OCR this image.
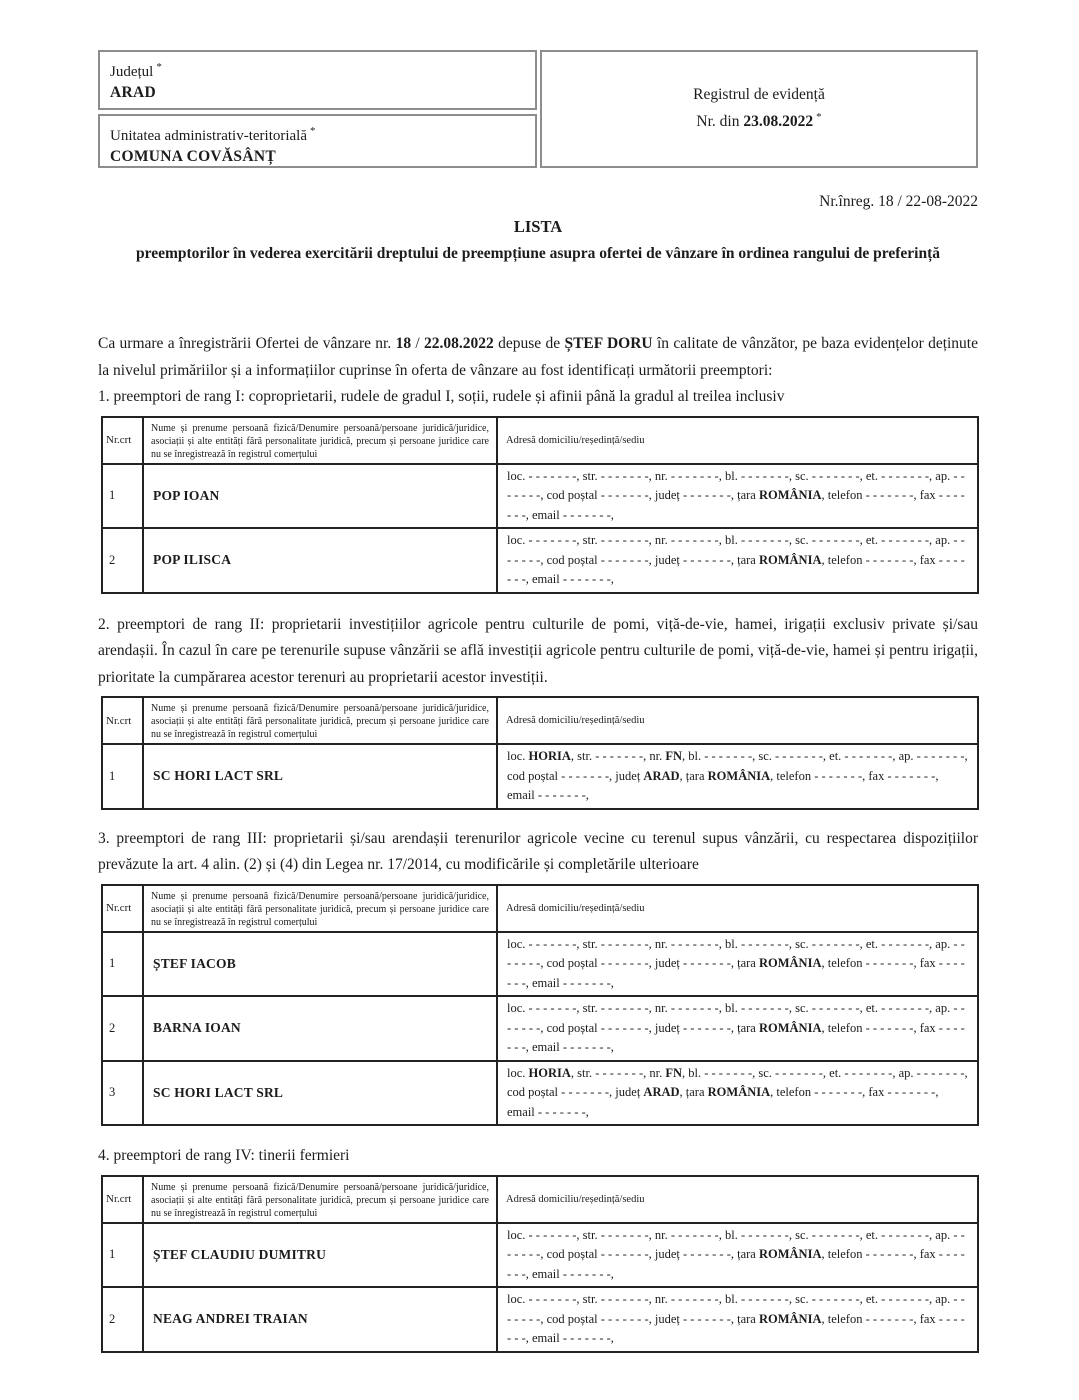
Județul *
ARAD
Unitatea administrativ-teritorială *
COMUNA COVĂSÂNȚ
Registrul de evidență
Nr. din 23.08.2022 *
Nr.înreg. 18 / 22-08-2022
LISTA
preemptorilor în vederea exercitării dreptului de preempțiune asupra ofertei de vânzare în ordinea rangului de preferință
Ca urmare a înregistrării Ofertei de vânzare nr. 18 / 22.08.2022 depuse de ȘTEF DORU în calitate de vânzător, pe baza evidențelor deținute la nivelul primăriilor și a informațiilor cuprinse în oferta de vânzare au fost identificați următorii preemptori:
1. preemptori de rang I: coproprietarii, rudele de gradul I, soții, rudele și afinii până la gradul al treilea inclusiv
Nr.crt	Nume și prenume persoană fizică/Denumire persoană/persoane juridică/juridice, asociații și alte entități fără personalitate juridică, precum și persoane juridice care nu se înregistrează în registrul comerțului	Adresă domiciliu/reședință/sediu
1	POP IOAN	loc. - - - - - - -, str. - - - - - - -, nr. - - - - - - -, bl. - - - - - - -, sc. - - - - - - -, et. - - - - - - -, ap. - - - - - - -, cod poștal - - - - - - -, județ - - - - - - -, țara ROMÂNIA, telefon - - - - - - -, fax - - - - - - -, email - - - - - - -,
2	POP ILISCA	loc. - - - - - - -, str. - - - - - - -, nr. - - - - - - -, bl. - - - - - - -, sc. - - - - - - -, et. - - - - - - -, ap. - - - - - - -, cod poștal - - - - - - -, județ - - - - - - -, țara ROMÂNIA, telefon - - - - - - -, fax - - - - - - -, email - - - - - - -,
2. preemptori de rang II: proprietarii investițiilor agricole pentru culturile de pomi, viță-de-vie, hamei, irigații exclusiv private și/sau arendașii. În cazul în care pe terenurile supuse vânzării se află investiții agricole pentru culturile de pomi, viță-de-vie, hamei și pentru irigații, prioritate la cumpărarea acestor terenuri au proprietarii acestor investiții.
Nr.crt	Nume și prenume persoană fizică/Denumire persoană/persoane juridică/juridice, asociații și alte entități fără personalitate juridică, precum și persoane juridice care nu se înregistrează în registrul comerțului	Adresă domiciliu/reședință/sediu
1	SC HORI LACT SRL	loc. HORIA, str. - - - - - - -, nr. FN, bl. - - - - - - -, sc. - - - - - - -, et. - - - - - - -, ap. - - - - - - -, cod poștal - - - - - - -, județ ARAD, țara ROMÂNIA, telefon - - - - - - -, fax - - - - - - -, email - - - - - - -,
3. preemptori de rang III: proprietarii și/sau arendașii terenurilor agricole vecine cu terenul supus vânzării, cu respectarea dispozițiilor prevăzute la art. 4 alin. (2) și (4) din Legea nr. 17/2014, cu modificările și completările ulterioare
Nr.crt	Nume și prenume persoană fizică/Denumire persoană/persoane juridică/juridice, asociații și alte entități fără personalitate juridică, precum și persoane juridice care nu se înregistrează în registrul comerțului	Adresă domiciliu/reședință/sediu
1	ȘTEF IACOB	loc. - - - - - - -, str. - - - - - - -, nr. - - - - - - -, bl. - - - - - - -, sc. - - - - - - -, et. - - - - - - -, ap. - - - - - - -, cod poștal - - - - - - -, județ - - - - - - -, țara ROMÂNIA, telefon - - - - - - -, fax - - - - - - -, email - - - - - - -,
2	BARNA IOAN	loc. - - - - - - -, str. - - - - - - -, nr. - - - - - - -, bl. - - - - - - -, sc. - - - - - - -, et. - - - - - - -, ap. - - - - - - -, cod poștal - - - - - - -, județ - - - - - - -, țara ROMÂNIA, telefon - - - - - - -, fax - - - - - - -, email - - - - - - -,
3	SC HORI LACT SRL	loc. HORIA, str. - - - - - - -, nr. FN, bl. - - - - - - -, sc. - - - - - - -, et. - - - - - - -, ap. - - - - - - -, cod poștal - - - - - - -, județ ARAD, țara ROMÂNIA, telefon - - - - - - -, fax - - - - - - -, email - - - - - - -,
4. preemptori de rang IV: tinerii fermieri
Nr.crt	Nume și prenume persoană fizică/Denumire persoană/persoane juridică/juridice, asociații și alte entități fără personalitate juridică, precum și persoane juridice care nu se înregistrează în registrul comerțului	Adresă domiciliu/reședință/sediu
1	ȘTEF CLAUDIU DUMITRU	loc. - - - - - - -, str. - - - - - - -, nr. - - - - - - -, bl. - - - - - - -, sc. - - - - - - -, et. - - - - - - -, ap. - - - - - - -, cod poștal - - - - - - -, județ - - - - - - -, țara ROMÂNIA, telefon - - - - - - -, fax - - - - - - -, email - - - - - - -,
2	NEAG ANDREI TRAIAN	loc. - - - - - - -, str. - - - - - - -, nr. - - - - - - -, bl. - - - - - - -, sc. - - - - - - -, et. - - - - - - -, ap. - - - - - - -, cod poștal - - - - - - -, județ - - - - - - -, țara ROMÂNIA, telefon - - - - - - -, fax - - - - - - -, email - - - - - - -,
